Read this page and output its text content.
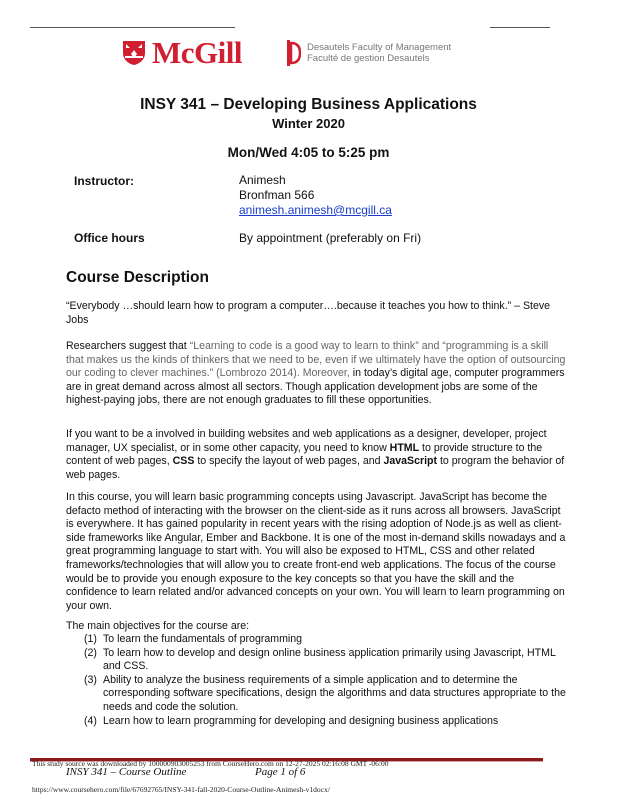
McGill	Desautels Faculty of Management
Faculté de gestion Desautels
INSY 341 – Developing Business Applications
Winter 2020
Mon/Wed 4:05 to 5:25 pm
Instructor:	Animesh
Bronfman 566
animesh.animesh@mcgill.ca
Office hours	By appointment (preferably on Fri)
Course Description

“Everybody …should learn how to program a computer….because it teaches you how to think.” – Steve Jobs

Researchers suggest that “Learning to code is a good way to learn to think” and “programming is a skill that makes us the kinds of thinkers that we need to be, even if we ultimately have the option of outsourcing our coding to clever machines.” (Lombrozo 2014). Moreover, in today’s digital age, computer programmers are in great demand across almost all sectors. Though application development jobs are some of the highest-paying jobs, there are not enough graduates to fill these opportunities.

If you want to be a involved in building websites and web applications as a designer, developer, project manager, UX specialist, or in some other capacity, you need to know HTML to provide structure to the content of web pages, CSS to specify the layout of web pages, and JavaScript to program the behavior of web pages.

In this course, you will learn basic programming concepts using Javascript. JavaScript has become the defacto method of interacting with the browser on the client-side as it runs across all browsers. JavaScript is everywhere. It has gained popularity in recent years with the rising adoption of Node.js as well as client-side frameworks like Angular, Ember and Backbone. It is one of the most in-demand skills nowadays and a great programming language to start with. You will also be exposed to HTML, CSS and other related frameworks/technologies that will allow you to create front-end web applications. The focus of the course would be to provide you enough exposure to the key concepts so that you have the skill and the confidence to learn related and/or advanced concepts on your own. You will learn to learn programming on your own.

The main objectives for the course are:

(1) To learn the fundamentals of programming
(2) To learn how to develop and design online business application primarily using Javascript, HTML and CSS.
(3) Ability to analyze the business requirements of a simple application and to determine the corresponding software specifications, design the algorithms and data structures appropriate to the needs and code the solution.
(4) Learn how to learn programming for developing and designing business applications
This study source was downloaded by 100000903005253 from CourseHero.com on 12-27-2025 02:16:08 GMT -06:00
INSY 341 – Course Outline	Page 1 of 6
https://www.coursehero.com/file/67692765/INSY-341-fall-2020-Course-Outline-Animesh-v1docx/
